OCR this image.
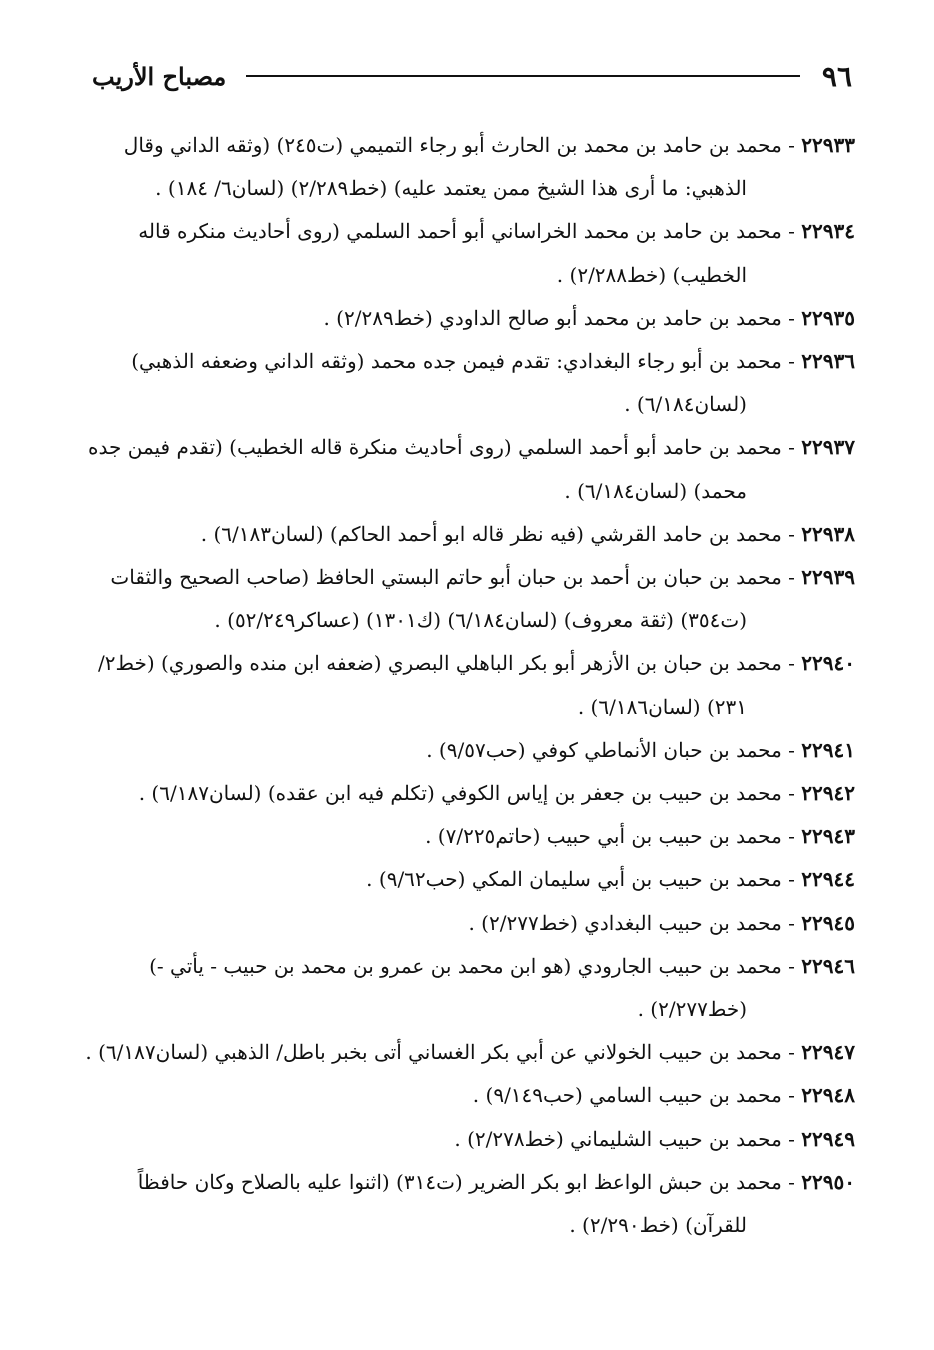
٩٦
مصباح الأريب

٢٢٩٣٣ - محمد بن حامد بن محمد بن الحارث أبو رجاء التميمي (ت٢٤٥) (وثقه الداني وقال الذهبي: ما أرى هذا الشيخ ممن يعتمد عليه) (خط٢/٢٨٩) (لسان٦/ ١٨٤) .

٢٢٩٣٤ - محمد بن حامد بن محمد الخراساني أبو أحمد السلمي (روى أحاديث منكره قاله الخطيب) (خط٢/٢٨٨) .

٢٢٩٣٥ - محمد بن حامد بن محمد أبو صالح الداودي (خط٢/٢٨٩) .

٢٢٩٣٦ - محمد بن أبو رجاء البغدادي: تقدم فيمن جده محمد (وثقه الداني وضعفه الذهبي) (لسان٦/١٨٤) .

٢٢٩٣٧ - محمد بن حامد أبو أحمد السلمي (روى أحاديث منكرة قاله الخطيب) (تقدم فيمن جده محمد) (لسان٦/١٨٤) .

٢٢٩٣٨ - محمد بن حامد القرشي (فيه نظر قاله ابو أحمد الحاكم) (لسان٦/١٨٣) .

٢٢٩٣٩ - محمد بن حبان بن أحمد بن حبان أبو حاتم البستي الحافظ (صاحب الصحيح والثقات (ت٣٥٤) (ثقة معروف) (لسان٦/١٨٤) (ك١٣٠١) (عساكر٥٢/٢٤٩) .

٢٢٩٤٠ - محمد بن حبان بن الأزهر أبو بكر الباهلي البصري (ضعفه ابن منده والصوري) (خط٢/ ٢٣١) (لسان٦/١٨٦) .

٢٢٩٤١ - محمد بن حبان الأنماطي كوفي (حب٩/٥٧) .

٢٢٩٤٢ - محمد بن حبيب بن جعفر بن إياس الكوفي (تكلم فيه ابن عقده) (لسان٦/١٨٧) .

٢٢٩٤٣ - محمد بن حبيب بن أبي حبيب (حاتم٧/٢٢٥) .

٢٢٩٤٤ - محمد بن حبيب بن أبي سليمان المكي (حب٩/٦٢) .

٢٢٩٤٥ - محمد بن حبيب البغدادي (خط٢/٢٧٧) .

٢٢٩٤٦ - محمد بن حبيب الجارودي (هو ابن محمد بن عمرو بن محمد بن حبيب - يأتي -) (خط٢/٢٧٧) .

٢٢٩٤٧ - محمد بن حبيب الخولاني عن أبي بكر الغساني أتى بخبر باطل/ الذهبي (لسان٦/١٨٧) .

٢٢٩٤٨ - محمد بن حبيب السامي (حب٩/١٤٩) .

٢٢٩٤٩ - محمد بن حبيب الشليماني (خط٢/٢٧٨) .

٢٢٩٥٠ - محمد بن حبش الواعظ ابو بكر الضرير (ت٣١٤) (اثنوا عليه بالصلاح وكان حافظاً للقرآن) (خط٢/٢٩٠) .
